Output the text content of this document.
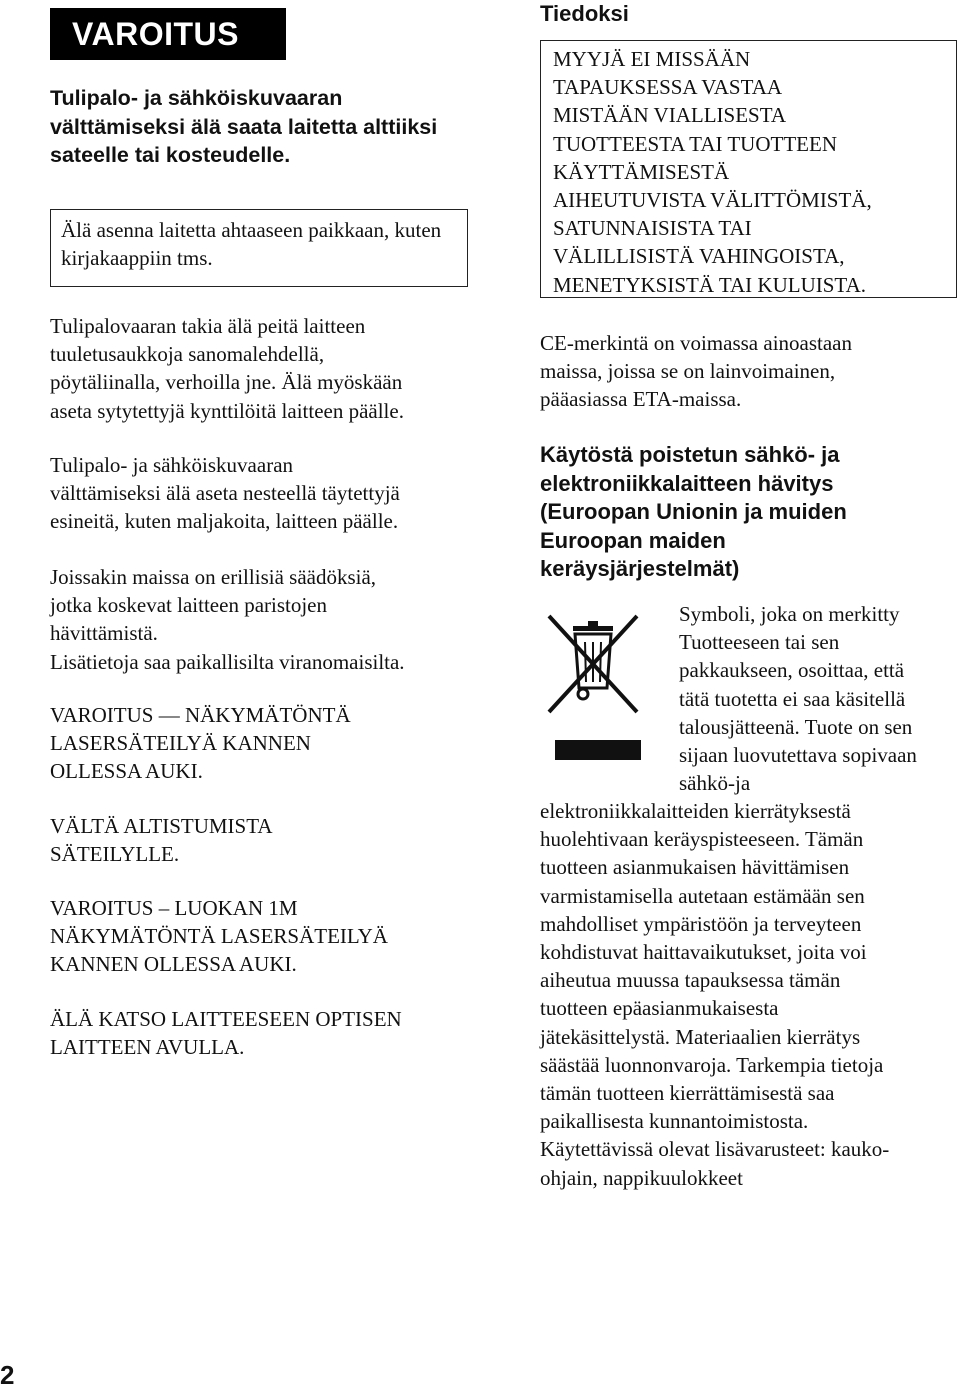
VAROITUS
Tulipalo- ja sähköiskuvaaran välttämiseksi älä saata laitetta alttiiksi sateelle tai kosteudelle.
Älä asenna laitetta ahtaaseen paikkaan, kuten kirjakaappiin tms.
Tulipalovaaran takia älä peitä laitteen
tuuletusaukkoja sanomalehdellä,
pöytäliinalla, verhoilla jne. Älä myöskään
aseta sytytettyjä kynttilöitä laitteen päälle.
Tulipalo- ja sähköiskuvaaran
välttämiseksi älä aseta nesteellä täytettyjä
esineitä, kuten maljakoita, laitteen päälle.
Joissakin maissa on erillisiä säädöksiä,
jotka koskevat laitteen paristojen
hävittämistä.
Lisätietoja saa paikallisilta viranomaisilta.
VAROITUS — NÄKYMÄTÖNTÄ
LASERSÄTEILYÄ KANNEN
OLLESSA AUKI.
VÄLTÄ ALTISTUMISTA
SÄTEILYLLE.
VAROITUS – LUOKAN 1M
NÄKYMÄTÖNTÄ LASERSÄTEILYÄ
KANNEN OLLESSA AUKI.
ÄLÄ KATSO LAITTEESEEN OPTISEN
LAITTEEN AVULLA.
Tiedoksi
MYYJÄ EI MISSÄÄN
TAPAUKSESSA VASTAA
MISTÄÄN VIALLISESTA
TUOTTEESTA TAI TUOTTEEN
KÄYTTÄMISESTÄ
AIHEUTUVISTA VÄLITTÖMISTÄ,
SATUNNAISISTA TAI
VÄLILLISISTÄ VAHINGOISTA,
MENETYKSISTÄ TAI KULUISTA.
CE-merkintä on voimassa ainoastaan
maissa, joissa se on lainvoimainen,
pääasiassa ETA-maissa.
Käytöstä poistetun sähkö- ja
elektroniikkalaitteen hävitys
(Euroopan Unionin ja muiden
Euroopan maiden
keräysjärjestelmät)
Symboli, joka on merkitty
Tuotteeseen tai sen
pakkaukseen, osoittaa, että
tätä tuotetta ei saa käsitellä
talousjätteenä. Tuote on sen
sijaan luovutettava sopivaan
sähkö-ja
elektroniikkalaitteiden kierrätyksestä
huolehtivaan keräyspisteeseen. Tämän
tuotteen asianmukaisen hävittämisen
varmistamisella autetaan estämään sen
mahdolliset ympäristöön ja terveyteen
kohdistuvat haittavaikutukset, joita voi
aiheutua muussa tapauksessa tämän
tuotteen epäasianmukaisesta
jätekäsittelystä. Materiaalien kierrätys
säästää luonnonvaroja. Tarkempia tietoja
tämän tuotteen kierrättämisestä saa
paikallisesta kunnantoimistosta.
Käytettävissä olevat lisävarusteet: kauko-
ohjain, nappikuulokkeet
2
